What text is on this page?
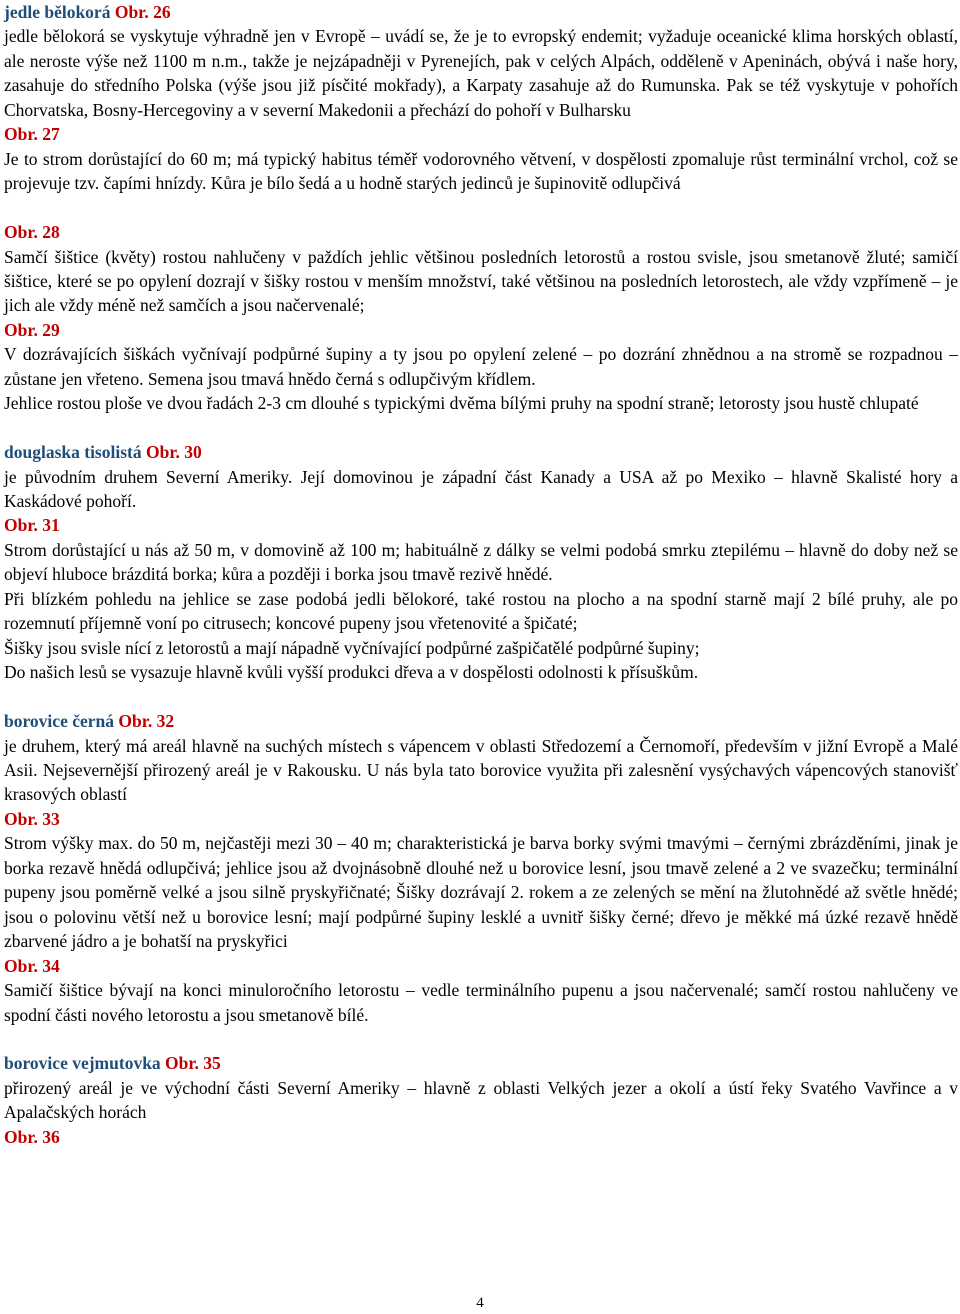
jedle bělokorá Obr. 26

jedle bělokorá se vyskytuje výhradně jen v Evropě – uvádí se, že je to evropský endemit; vyžaduje oceanické klima horských oblastí, ale neroste výše než 1100 m n.m., takže je nejzápadněji v Pyrenejích, pak v celých Alpách, odděleně v Apeninách, obývá i naše hory, zasahuje do středního Polska (výše jsou již písčité mokřady), a Karpaty zasahuje až do Rumunska. Pak se též vyskytuje v pohořích Chorvatska, Bosny-Hercegoviny a v severní Makedonii a přechází do pohoří v Bulharsku

Obr. 27

Je to strom dorůstající do 60 m; má typický habitus téměř vodorovného větvení, v dospělosti zpomaluje růst terminální vrchol, což se projevuje tzv. čapími hnízdy. Kůra je bílo šedá a u hodně starých jedinců je šupinovitě odlupčivá

Obr. 28

Samčí šištice (květy) rostou nahlučeny v paždích jehlic většinou posledních letorostů a rostou svisle, jsou smetanově žluté; samičí šištice, které se po opylení dozrají v šišky rostou v menším množství, také většinou na posledních letorostech, ale vždy vzpřímeně – je jich ale vždy méně než samčích a jsou načervenalé;

Obr. 29

V dozrávajících šiškách vyčnívají podpůrné šupiny a ty jsou po opylení zelené – po dozrání zhnědnou a na stromě se rozpadnou – zůstane jen vřeteno. Semena jsou tmavá hnědo černá s odlupčivým křídlem.

Jehlice rostou ploše ve dvou řadách 2-3 cm dlouhé s typickými dvěma bílými pruhy na spodní straně; letorosty jsou hustě chlupaté

douglaska tisolistá Obr. 30

je původním druhem Severní Ameriky. Její domovinou je západní část Kanady a USA až po Mexiko – hlavně Skalisté hory a Kaskádové pohoří.

Obr. 31

Strom dorůstající u nás až 50 m, v domovině až 100 m; habituálně z dálky se velmi podobá smrku ztepilému – hlavně do doby než se objeví hluboce brázditá borka; kůra a později i borka jsou tmavě rezivě hnědé.

Při blízkém pohledu na jehlice se zase podobá jedli bělokoré, také rostou na plocho a na spodní starně mají 2 bílé pruhy, ale po rozemnutí příjemně voní po citrusech; koncové pupeny jsou vřetenovité a špičaté;

Šišky jsou svisle nící z letorostů a mají nápadně vyčnívající podpůrné zašpičatělé podpůrné šupiny;

Do našich lesů se vysazuje hlavně kvůli vyšší produkci dřeva a v dospělosti odolnosti k přísuškům.

borovice černá Obr. 32

je druhem, který má areál hlavně na suchých místech s vápencem v oblasti Středozemí a Černomoří, především v jižní Evropě a Malé Asii. Nejsevernější přirozený areál je v Rakousku. U nás byla tato borovice využita při zalesnění vysýchavých vápencových stanovišť krasových oblastí

Obr. 33

Strom výšky max. do 50 m, nejčastěji mezi 30 – 40 m; charakteristická je barva borky svými tmavými – černými zbrázděními, jinak je borka rezavě hnědá odlupčivá; jehlice jsou až dvojnásobně dlouhé než u borovice lesní, jsou tmavě zelené a 2 ve svazečku; terminální pupeny jsou poměrně velké a jsou silně pryskyřičnaté; Šišky dozrávají 2. rokem a ze zelených se mění na žlutohnědé až světle hnědé; jsou o polovinu větší než u borovice lesní; mají podpůrné šupiny lesklé a uvnitř šišky černé; dřevo je měkké má úzké rezavě hnědě zbarvené jádro a je bohatší na pryskyřici

Obr. 34

Samičí šištice bývají na konci minuloročního letorostu – vedle terminálního pupenu a jsou načervenalé; samčí rostou nahlučeny ve spodní části nového letorostu a jsou smetanově bílé.

borovice vejmutovka Obr. 35

přirozený areál je ve východní části Severní Ameriky – hlavně z oblasti Velkých jezer a okolí a ústí řeky Svatého Vavřince a v Apalačských horách

Obr. 36

4
